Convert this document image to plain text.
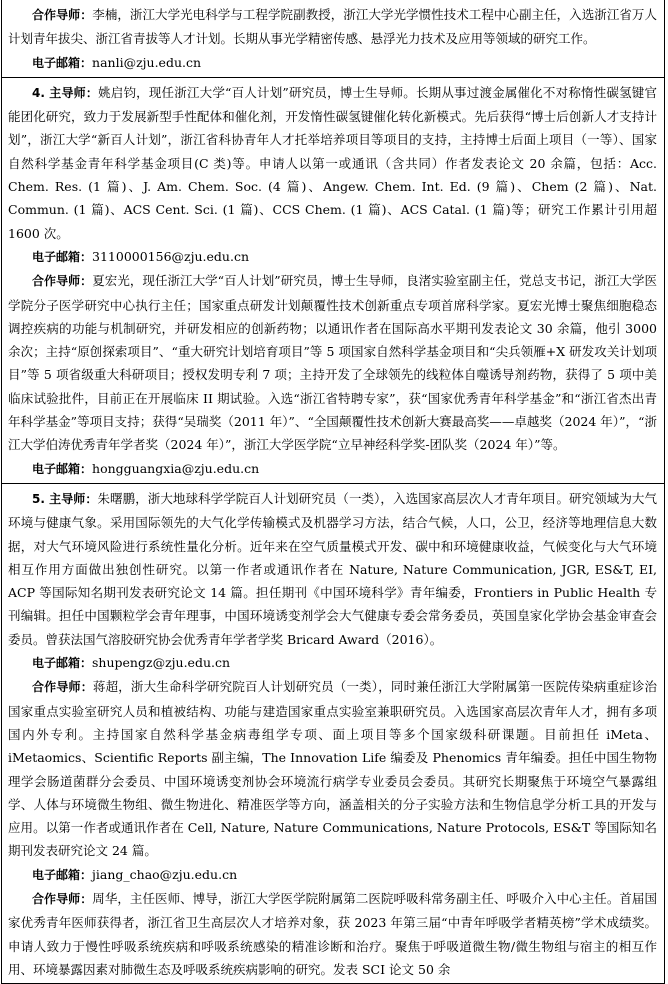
合作导师：李楠，浙江大学光电科学与工程学院副教授，浙江大学光学惯性技术工程中心副主任，入选浙江省万人计划青年拔尖、浙江省青拔等人才计划。长期从事光学精密传感、悬浮光力技术及应用等领域的研究工作。

电子邮箱：nanli@zju.edu.cn

4. 主导师：姚启钧，现任浙江大学“百人计划”研究员，博士生导师。长期从事过渡金属催化不对称惰性碳氢键官能团化研究，致力于发展新型手性配体和催化剂，开发惰性碳氢键催化转化新模式。先后获得“博士后创新人才支持计划”，浙江大学“新百人计划”，浙江省科协青年人才托举培养项目等项目的支持，主持博士后面上项目（一等）、国家自然科学基金青年科学基金项目(C 类)等。申请人以第一或通讯（含共同）作者发表论文 20 余篇，包括：Acc. Chem. Res. (1 篇)、J. Am. Chem. Soc. (4 篇)、Angew. Chem. Int. Ed. (9 篇)、Chem (2 篇)、Nat. Commun. (1 篇)、ACS Cent. Sci. (1 篇)、CCS Chem. (1 篇)、ACS Catal. (1 篇)等；研究工作累计引用超 1600 次。

电子邮箱：3110000156@zju.edu.cn

合作导师：夏宏光，现任浙江大学“百人计划”研究员，博士生导师，良渚实验室副主任，党总支书记，浙江大学医学院分子医学研究中心执行主任；国家重点研发计划颠覆性技术创新重点专项首席科学家。夏宏光博士聚焦细胞稳态调控疾病的功能与机制研究，并研发相应的创新药物；以通讯作者在国际高水平期刊发表论文 30 余篇，他引 3000 余次；主持“原创探索项目”、“重大研究计划培育项目”等 5 项国家自然科学基金项目和“尖兵领雁+X 研发攻关计划项目”等 5 项省级重大科研项目；授权发明专利 7 项；主持开发了全球领先的线粒体自噬诱导剂药物，获得了 5 项中美临床试验批件，目前正在开展临床 II 期试验。入选“浙江省特聘专家”，获“国家优秀青年科学基金”和“浙江省杰出青年科学基金”等项目支持；获得“吴瑞奖（2011 年）”、“全国颠覆性技术创新大赛最高奖——卓越奖（2024 年）”，“浙江大学伯涛优秀青年学者奖（2024 年）”，浙江大学医学院“立早神经科学奖-团队奖（2024 年）”等。

电子邮箱：hongguangxia@zju.edu.cn

5. 主导师：朱曙鹏，浙大地球科学学院百人计划研究员（一类），入选国家高层次人才青年项目。研究领域为大气环境与健康气象。采用国际领先的大气化学传输模式及机器学习方法，结合气候，人口，公卫，经济等地理信息大数据，对大气环境风险进行系统性量化分析。近年来在空气质量模式开发、碳中和环境健康收益，气候变化与大气环境相互作用方面做出独创性研究。以第一作者或通讯作者在 Nature, Nature Communication, JGR, ES&T, EI, ACP 等国际知名期刊发表研究论文 14 篇。担任期刊《中国环境科学》青年编委，Frontiers in Public Health 专刊编辑。担任中国颗粒学会青年理事，中国环境诱变剂学会大气健康专委会常务委员，英国皇家化学协会基金审查会委员。曾获法国气溶胶研究协会优秀青年学者学奖 Bricard Award（2016）。

电子邮箱：shupengz@zju.edu.cn

合作导师：蒋超，浙大生命科学研究院百人计划研究员（一类），同时兼任浙江大学附属第一医院传染病重症诊治国家重点实验室研究人员和植被结构、功能与建造国家重点实验室兼职研究员。入选国家高层次青年人才，拥有多项国内外专利。主持国家自然科学基金病毒组学专项、面上项目等多个国家级科研课题。目前担任 iMeta、iMetaomics、Scientific Reports 副主编，The Innovation Life 编委及 Phenomics 青年编委。担任中国生物物理学会肠道菌群分会委员、中国环境诱变剂协会环境流行病学专业委员会委员。其研究长期聚焦于环境空气暴露组学、人体与环境微生物组、微生物进化、精准医学等方向，涵盖相关的分子实验方法和生物信息学分析工具的开发与应用。以第一作者或通讯作者在 Cell, Nature, Nature Communications, Nature Protocols, ES&T 等国际知名期刊发表研究论文 24 篇。

电子邮箱：jiang_chao@zju.edu.cn

合作导师：周华，主任医师、博导，浙江大学医学院附属第二医院呼吸科常务副主任、呼吸介入中心主任。首届国家优秀青年医师获得者，浙江省卫生高层次人才培养对象，获 2023 年第三届“中青年呼吸学者精英榜”学术成绩奖。申请人致力于慢性呼吸系统疾病和呼吸系统感染的精准诊断和治疗。聚焦于呼吸道微生物/微生物组与宿主的相互作用、环境暴露因素对肺微生态及呼吸系统疾病影响的研究。发表 SCI 论文 50 余
